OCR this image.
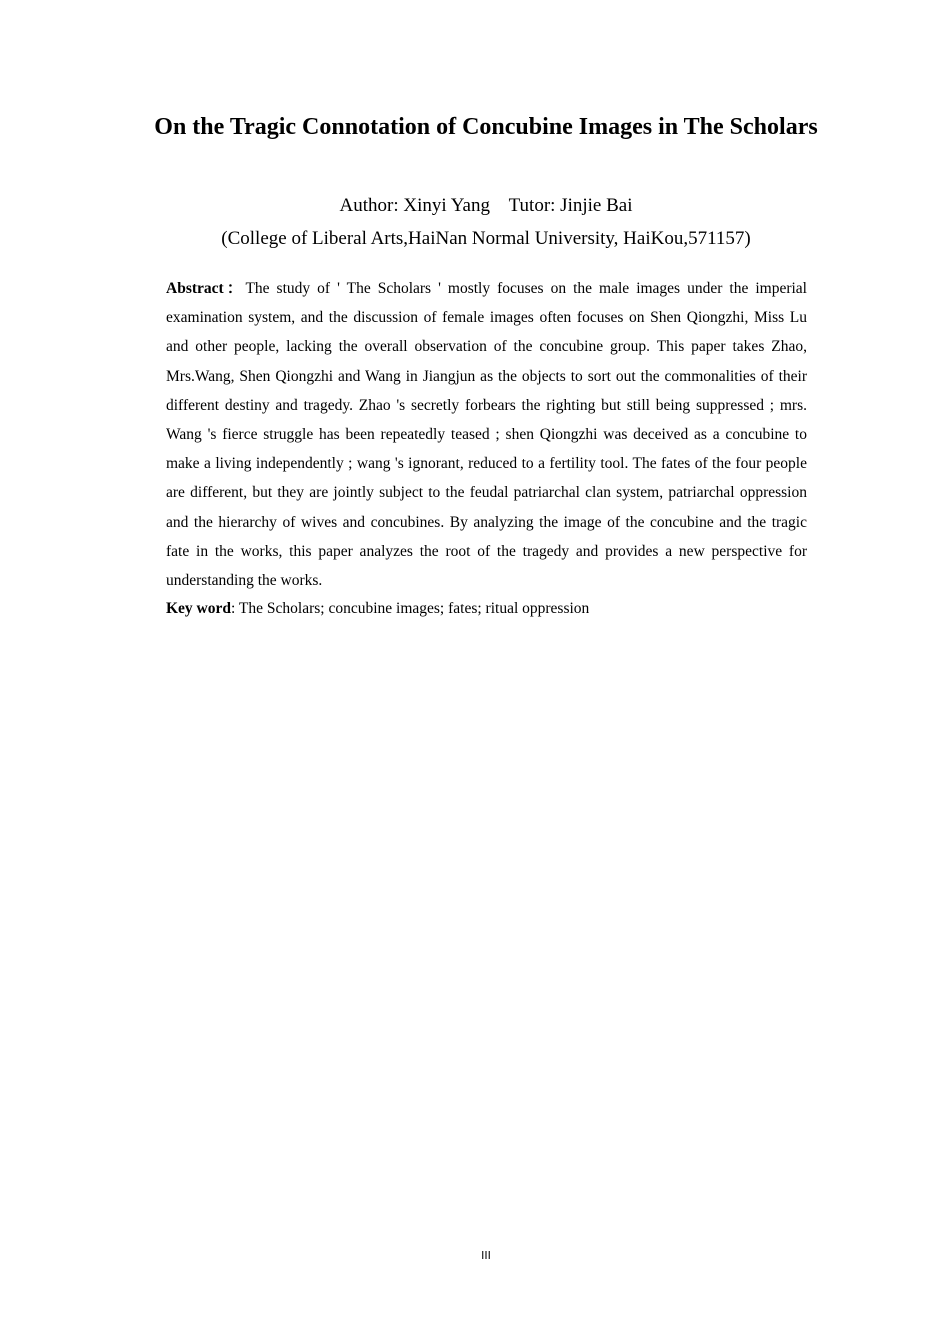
On the Tragic Connotation of Concubine Images in The Scholars
Author: Xinyi Yang    Tutor: Jinjie Bai
(College of Liberal Arts,HaiNan Normal University, HaiKou,571157)

Abstract：The study of ' The Scholars ' mostly focuses on the male images under the imperial examination system, and the discussion of female images often focuses on Shen Qiongzhi, Miss Lu and other people, lacking the overall observation of the concubine group. This paper takes Zhao, Mrs.Wang, Shen Qiongzhi and Wang in Jiangjun as the objects to sort out the commonalities of their different destiny and tragedy. Zhao 's secretly forbears the righting but still being suppressed ; mrs. Wang 's fierce struggle has been repeatedly teased ; shen Qiongzhi was deceived as a concubine to make a living independently ; wang 's ignorant, reduced to a fertility tool. The fates of the four people are different, but they are jointly subject to the feudal patriarchal clan system, patriarchal oppression and the hierarchy of wives and concubines. By analyzing the image of the concubine and the tragic fate in the works, this paper analyzes the root of the tragedy and provides a new perspective for understanding the works.

Key word: The Scholars; concubine images; fates; ritual oppression

III
